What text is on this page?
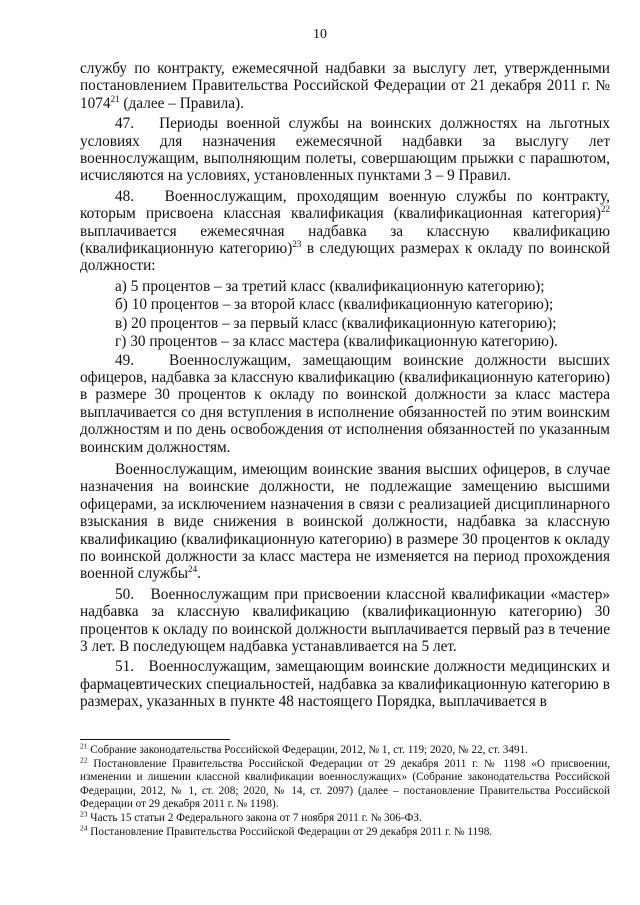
10

службу по контракту, ежемесячной надбавки за выслугу лет, утвержденными постановлением Правительства Российской Федерации от 21 декабря 2011 г. № 1074$^{21}$ (далее – Правила).

47.   Периоды военной службы на воинских должностях на льготных условиях для назначения ежемесячной надбавки за выслугу лет военнослужащим, выполняющим полеты, совершающим прыжки с парашютом, исчисляются на условиях, установленных пунктами 3 – 9 Правил.

48.   Военнослужащим, проходящим военную службы по контракту, которым присвоена классная квалификация (квалификационная категория)$^{22}$ выплачивается ежемесячная надбавка за классную квалификацию (квалификационную категорию)$^{23}$ в следующих размерах к окладу по воинской должности:

а) 5 процентов – за третий класс (квалификационную категорию);

б) 10 процентов – за второй класс (квалификационную категорию);

в) 20 процентов – за первый класс (квалификационную категорию);

г) 30 процентов – за класс мастера (квалификационную категорию).

49.   Военнослужащим, замещающим воинские должности высших офицеров, надбавка за классную квалификацию (квалификационную категорию) в размере 30 процентов к окладу по воинской должности за класс мастера выплачивается со дня вступления в исполнение обязанностей по этим воинским должностям и по день освобождения от исполнения обязанностей по указанным воинским должностям.

Военнослужащим, имеющим воинские звания высших офицеров, в случае назначения на воинские должности, не подлежащие замещению высшими офицерами, за исключением назначения в связи с реализацией дисциплинарного взыскания в виде снижения в воинской должности, надбавка за классную квалификацию (квалификационную категорию) в размере 30 процентов к окладу по воинской должности за класс мастера не изменяется на период прохождения военной службы$^{24}$.

50.   Военнослужащим при присвоении классной квалификации «мастер» надбавка за классную квалификацию (квалификационную категорию) 30 процентов к окладу по воинской должности выплачивается первый раз в течение 3 лет. В последующем надбавка устанавливается на 5 лет.

51.   Военнослужащим, замещающим воинские должности медицинских и фармацевтических специальностей, надбавка за квалификационную категорию в размерах, указанных в пункте 48 настоящего Порядка, выплачивается в

$^{21}$ Собрание законодательства Российской Федерации, 2012, № 1, ст. 119; 2020, № 22, ст. 3491.

$^{22}$ Постановление Правительства Российской Федерации от 29 декабря 2011 г. № 1198 «О присвоении, изменении и лишении классной квалификации военнослужащих» (Собрание законодательства Российской Федерации, 2012, № 1, ст. 208; 2020, № 14, ст. 2097) (далее – постановление Правительства Российской Федерации от 29 декабря 2011 г. № 1198).

$^{23}$ Часть 15 статьи 2 Федерального закона от 7 ноября 2011 г. № 306-ФЗ.

$^{24}$ Постановление Правительства Российской Федерации от 29 декабря 2011 г. № 1198.
